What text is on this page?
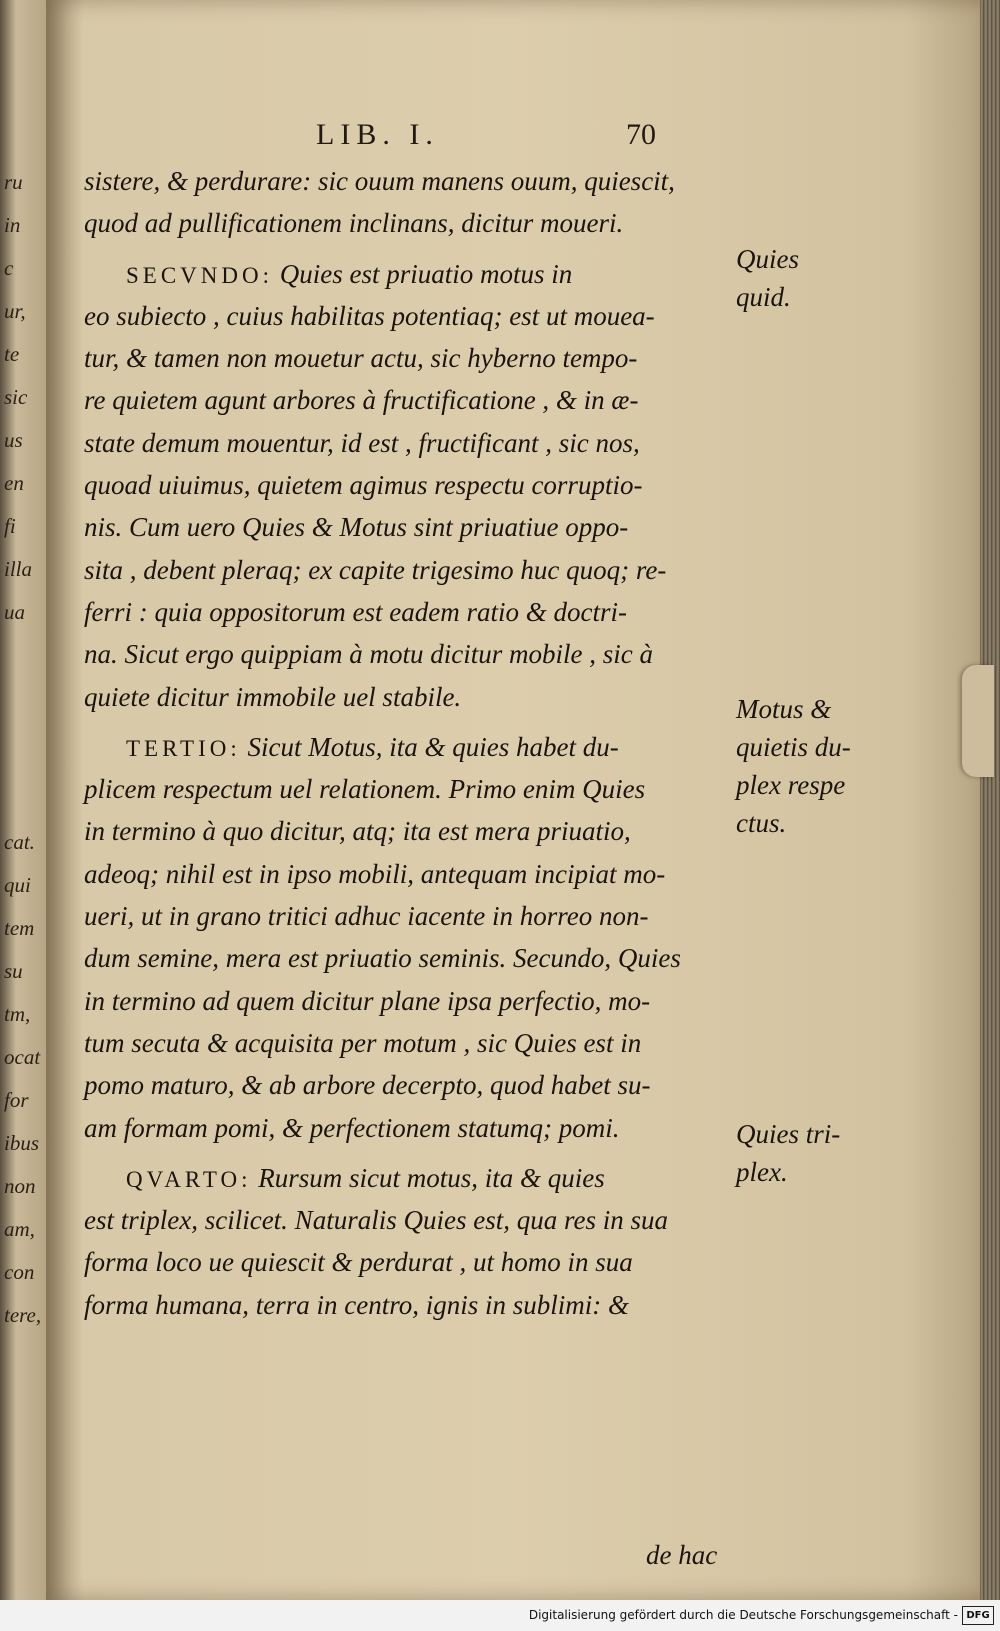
ru
in
c
ur,
te
sic
us
en
fi
illa
ua
cat.
qui
tem
su
tm,
ocat
for
ibus
non
am,
con
tere,
LIB. I.	70
sistere, & perdurare: sic ouum manens ouum, quiescit,
quod ad pullificationem inclinans, dicitur moueri.
SECVNDO: Quies est priuatio motus in
eo subiecto , cuius habilitas potentiaq; est ut mouea-
tur, & tamen non mouetur actu, sic hyberno tempo-
re quietem agunt arbores à fructificatione , & in æ-
state demum mouentur, id est , fructificant , sic nos,
quoad uiuimus, quietem agimus respectu corruptio-
nis. Cum uero Quies & Motus sint priuatiue oppo-
sita , debent pleraq; ex capite trigesimo huc quoq; re-
ferri : quia oppositorum est eadem ratio & doctri-
na. Sicut ergo quippiam à motu dicitur mobile , sic à
quiete dicitur immobile uel stabile.
TERTIO: Sicut Motus, ita & quies habet du-
plicem respectum uel relationem. Primo enim Quies
in termino à quo dicitur, atq; ita est mera priuatio,
adeoq; nihil est in ipso mobili, antequam incipiat mo-
ueri, ut in grano tritici adhuc iacente in horreo non-
dum semine, mera est priuatio seminis. Secundo, Quies
in termino ad quem dicitur plane ipsa perfectio, mo-
tum secuta & acquisita per motum , sic Quies est in
pomo maturo, & ab arbore decerpto, quod habet su-
am formam pomi, & perfectionem statumq; pomi.
QVARTO: Rursum sicut motus, ita & quies
est triplex, scilicet. Naturalis Quies est, qua res in sua
forma loco ue quiescit & perdurat , ut homo in sua
forma humana, terra in centro, ignis in sublimi: &
Quies
quid.
Motus &
quietis du-
plex respe
ctus.
Quies tri-
plex.
de hac
Digitalisierung gefördert durch die Deutsche Forschungsgemeinschaft - DFG
